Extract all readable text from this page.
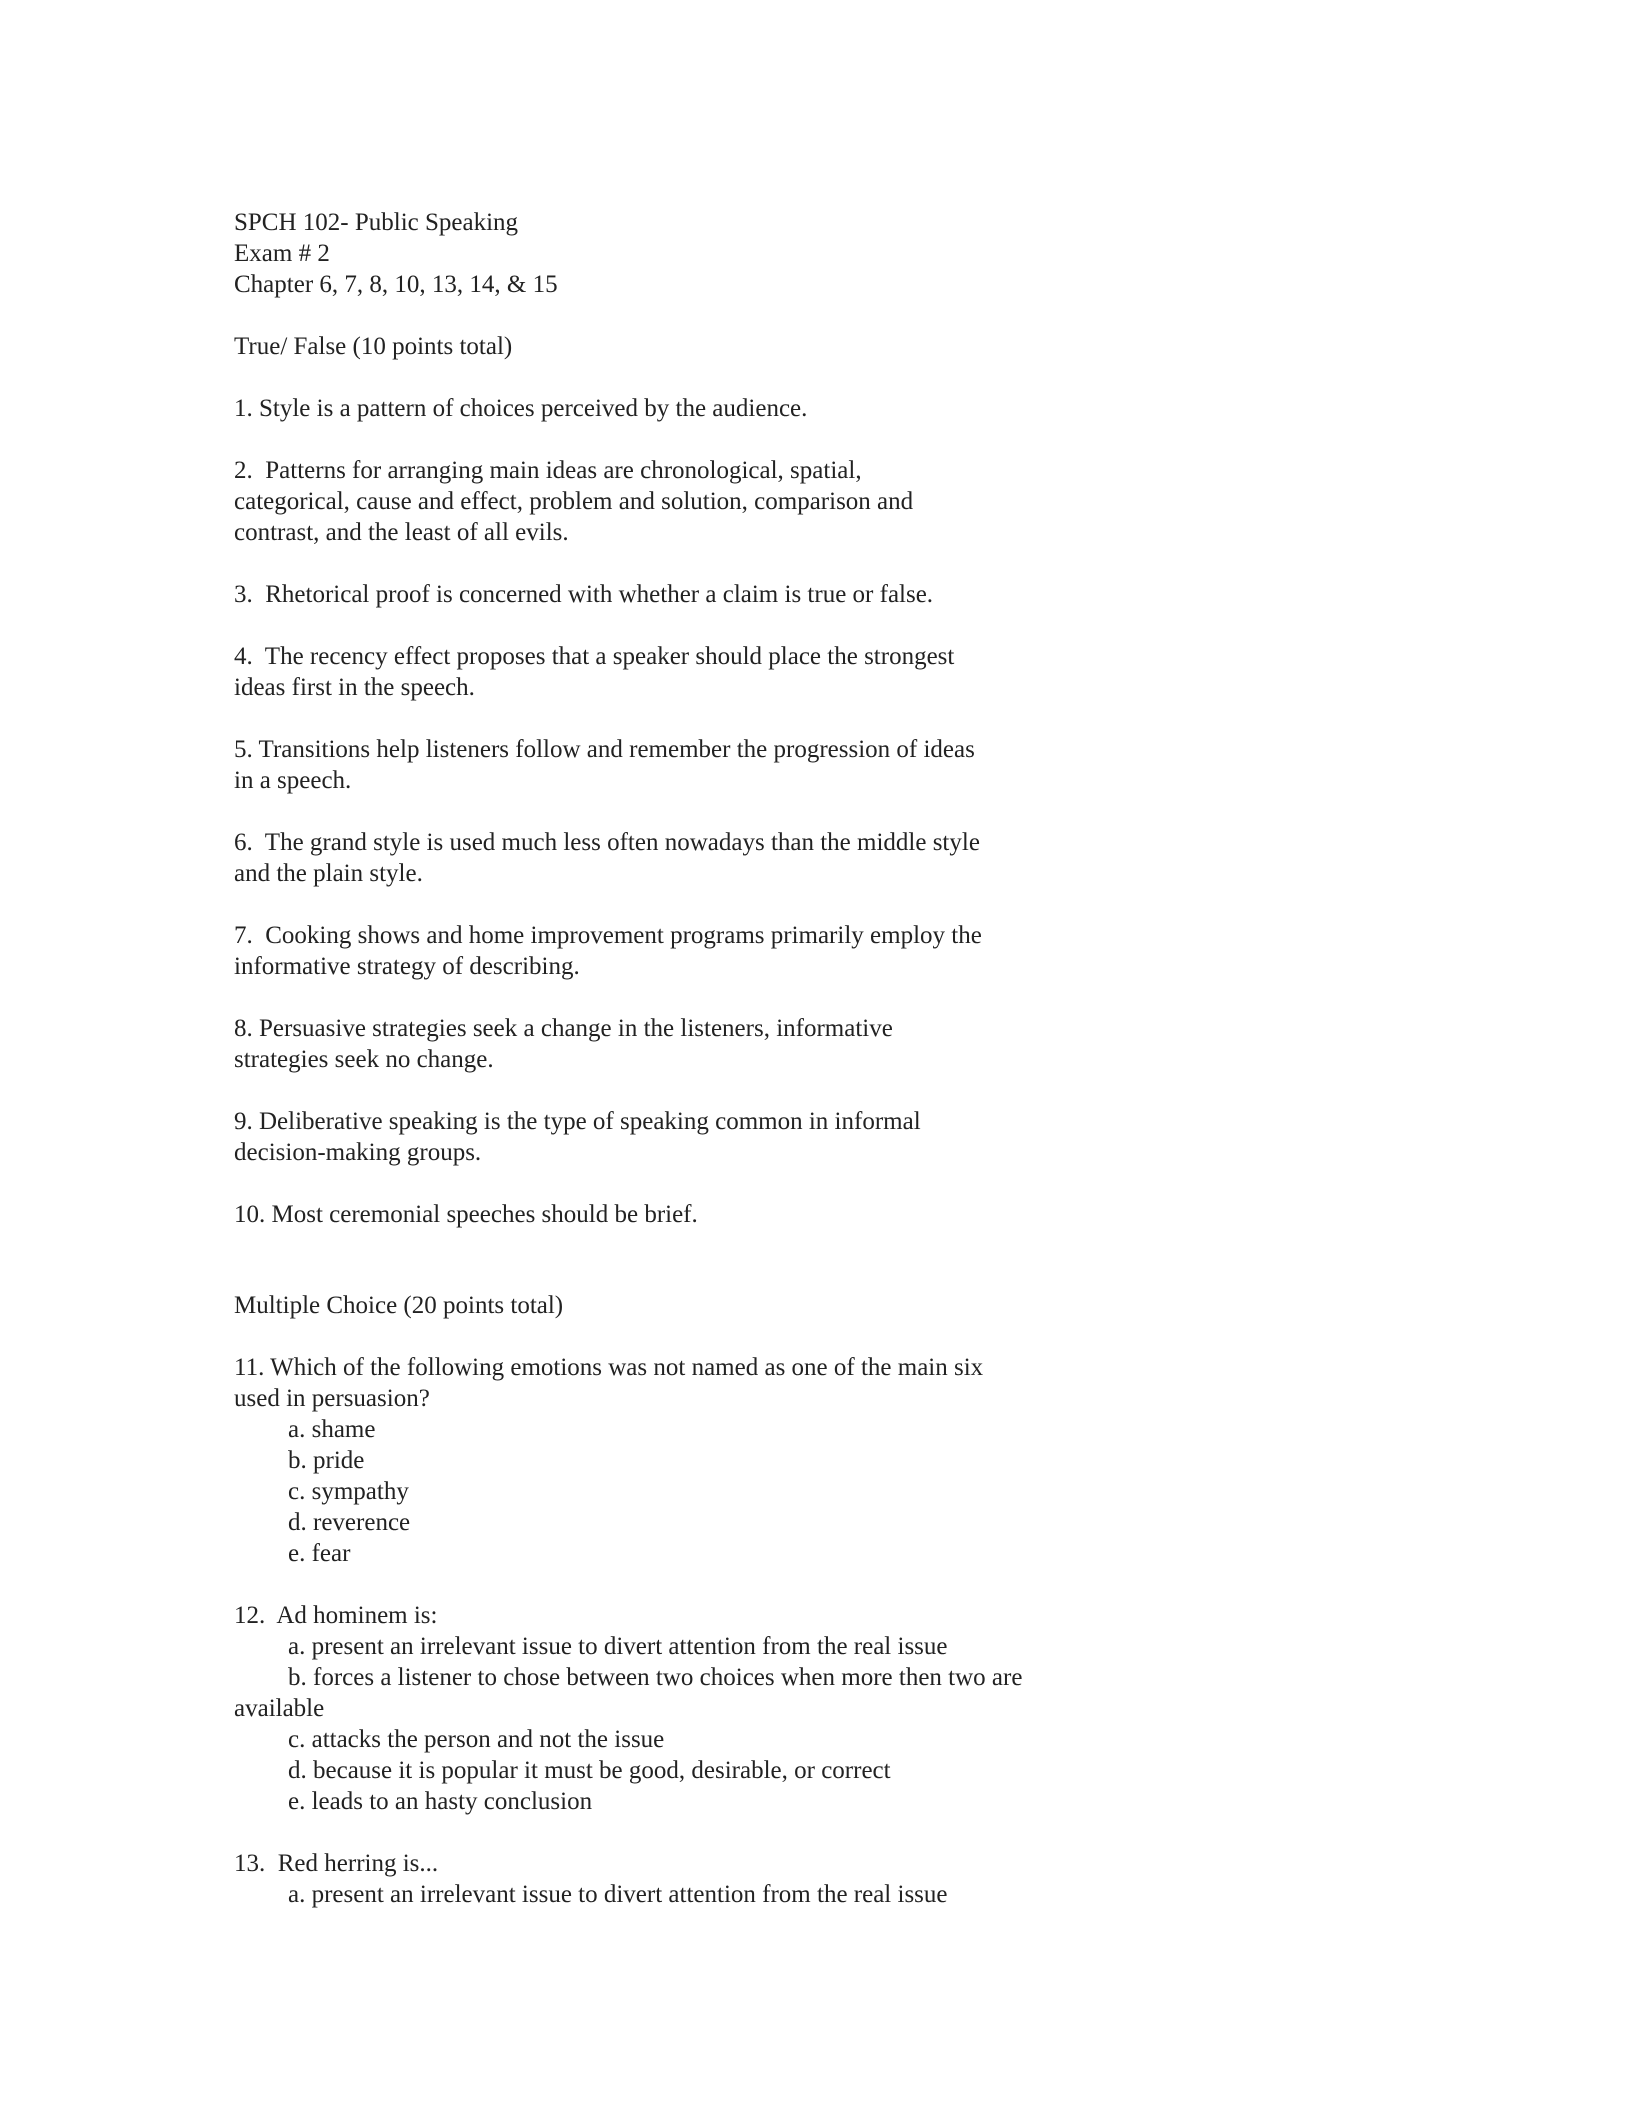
SPCH 102- Public Speaking
Exam # 2
Chapter 6, 7, 8, 10, 13, 14, & 15
True/ False (10 points total)
1. Style is a pattern of choices perceived by the audience.
2.  Patterns for arranging main ideas are chronological, spatial,
categorical, cause and effect, problem and solution, comparison and
contrast, and the least of all evils.
3.  Rhetorical proof is concerned with whether a claim is true or false.
4.  The recency effect proposes that a speaker should place the strongest
ideas first in the speech.
5. Transitions help listeners follow and remember the progression of ideas
in a speech.
6.  The grand style is used much less often nowadays than the middle style
and the plain style.
7.  Cooking shows and home improvement programs primarily employ the
informative strategy of describing.
8. Persuasive strategies seek a change in the listeners, informative
strategies seek no change.
9. Deliberative speaking is the type of speaking common in informal
decision-making groups.
10. Most ceremonial speeches should be brief.
Multiple Choice (20 points total)
11. Which of the following emotions was not named as one of the main six
used in persuasion?
a. shame
b. pride
c. sympathy
d. reverence
e. fear
12.  Ad hominem is:
a. present an irrelevant issue to divert attention from the real issue
b. forces a listener to chose between two choices when more then two are
available
c. attacks the person and not the issue
d. because it is popular it must be good, desirable, or correct
e. leads to an hasty conclusion
13.  Red herring is...
a. present an irrelevant issue to divert attention from the real issue
